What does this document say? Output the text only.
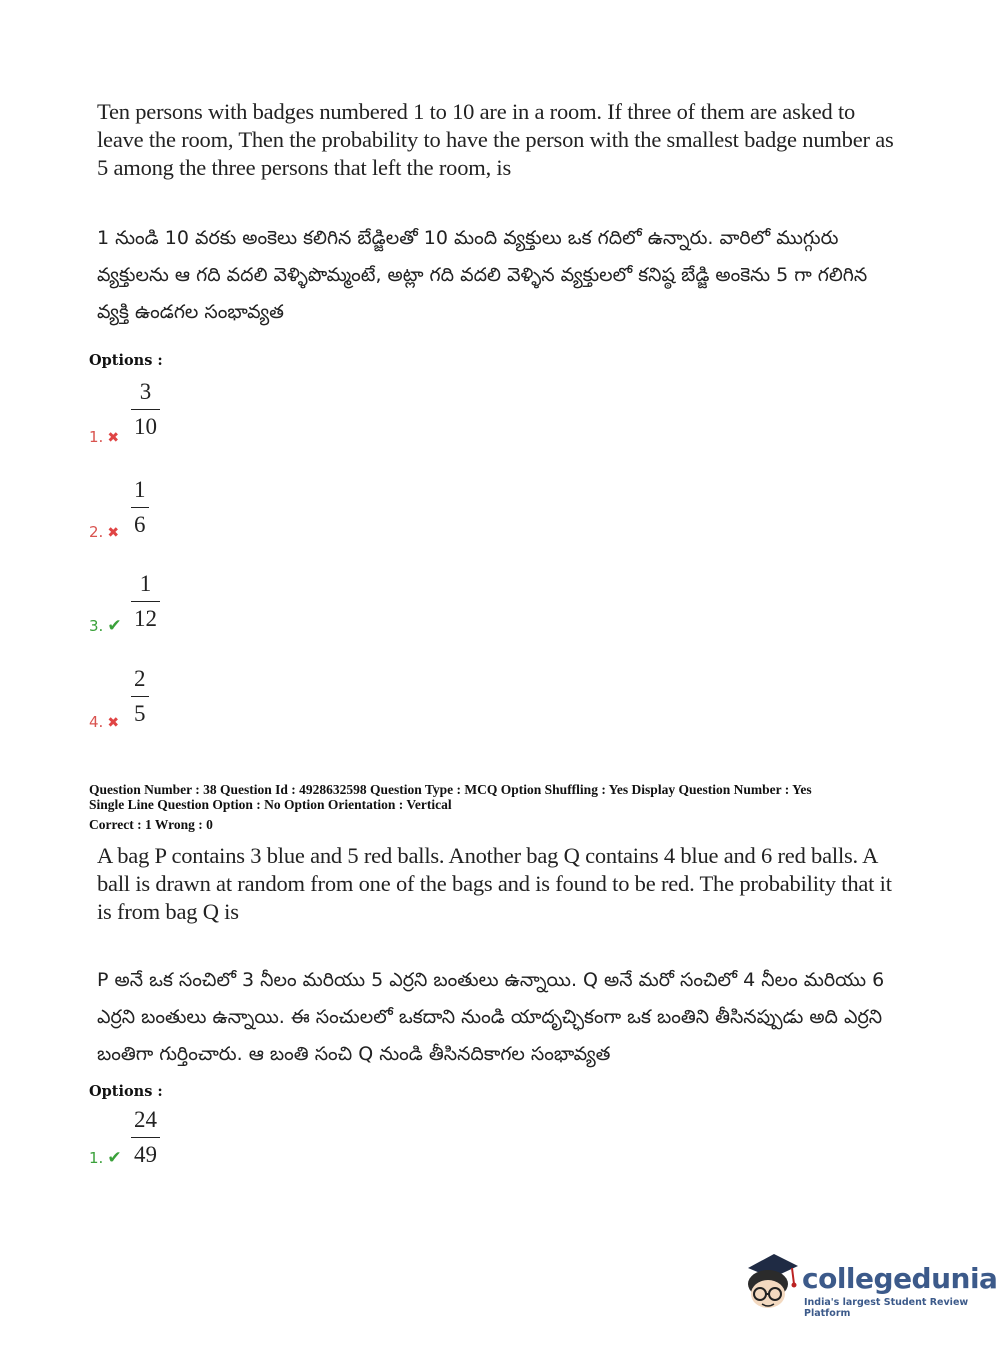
Ten persons with badges numbered 1 to 10 are in a room. If three of them are asked to leave the room, Then the probability to have the person with the smallest badge number as 5 among the three persons that left the room, is
1 నుండి 10 వరకు అంకెలు కలిగిన బేడ్జిలతో 10 మంది వ్యక్తులు ఒక గదిలో ఉన్నారు. వారిలో ముగ్గురు వ్యక్తులను ఆ గది వదలి వెళ్ళిపొమ్మంటే, అట్లా గది వదలి వెళ్ళిన వ్యక్తులలో కనిష్ఠ బేడ్జి అంకెను 5 గా గలిగిన వ్యక్తి ఉండగల సంభావ్యత
Options :
1. ✖
3
10
2. ✖
1
6
3. ✔
1
12
4. ✖
2
5
Question Number : 38 Question Id : 4928632598 Question Type : MCQ Option Shuffling : Yes Display Question Number : Yes
Single Line Question Option : No Option Orientation : Vertical
Correct : 1 Wrong : 0
A bag P contains 3 blue and 5 red balls. Another bag Q contains 4 blue and 6 red balls. A ball is drawn at random from one of the bags and is found to be red. The probability that it is from bag Q is
P అనే ఒక సంచిలో 3 నీలం మరియు 5 ఎర్రని బంతులు ఉన్నాయి. Q అనే మరో సంచిలో 4 నీలం మరియు 6 ఎర్రని బంతులు ఉన్నాయి. ఈ సంచులలో ఒకదాని నుండి యాదృచ్ఛికంగా ఒక బంతిని తీసినప్పుడు అది ఎర్రని బంతిగా గుర్తించారు. ఆ బంతి సంచి Q నుండి తీసినదికాగల సంభావ్యత
Options :
1. ✔
24
49
collegedunia
India's largest Student Review Platform
